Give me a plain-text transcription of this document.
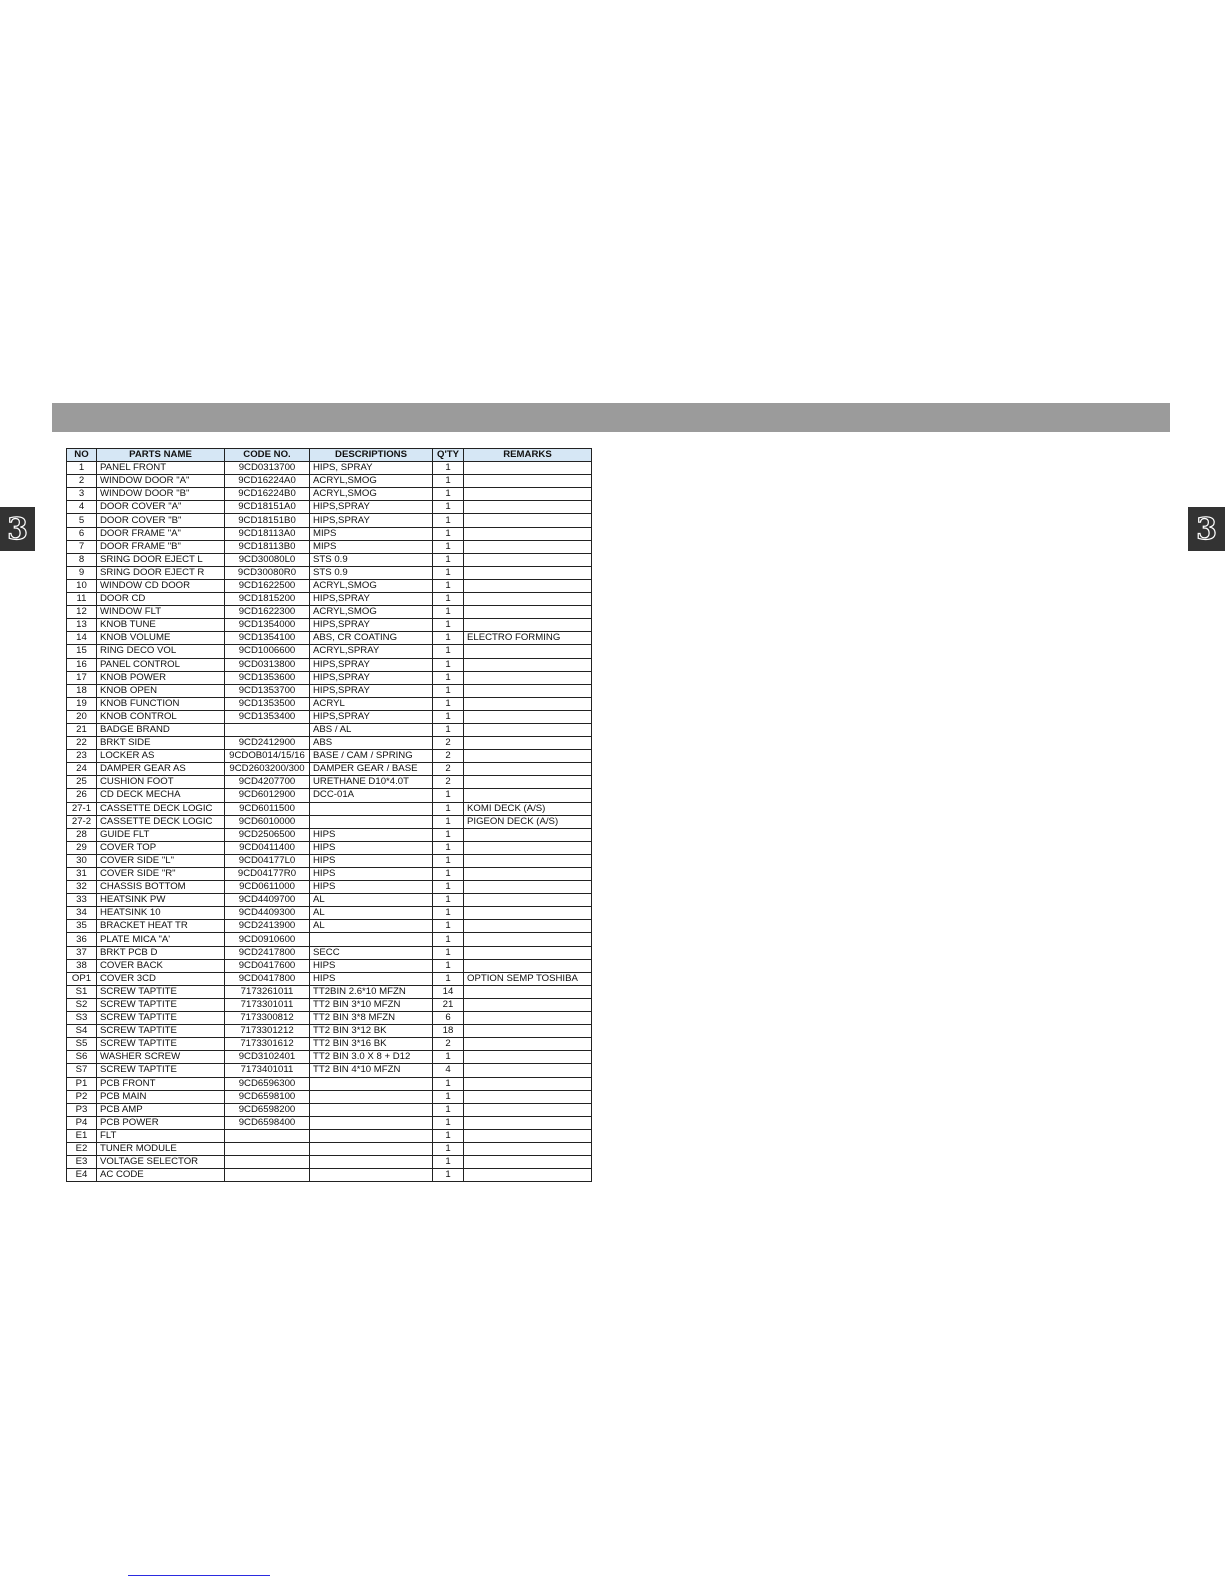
3	3
NO	PARTS NAME	CODE NO.	DESCRIPTIONS	Q'TY	REMARKS
1	PANEL FRONT	9CD0313700	HIPS, SPRAY	1	
2	WINDOW DOOR "A"	9CD16224A0	ACRYL,SMOG	1	
3	WINDOW DOOR "B"	9CD16224B0	ACRYL,SMOG	1	
4	DOOR COVER "A"	9CD18151A0	HIPS,SPRAY	1	
5	DOOR COVER "B"	9CD18151B0	HIPS,SPRAY	1	
6	DOOR FRAME "A"	9CD18113A0	MIPS	1	
7	DOOR FRAME "B"	9CD18113B0	MIPS	1	
8	SRING DOOR EJECT L	9CD30080L0	STS 0.9	1	
9	SRING DOOR EJECT R	9CD30080R0	STS 0.9	1	
10	WINDOW CD DOOR	9CD1622500	ACRYL,SMOG	1	
11	DOOR CD	9CD1815200	HIPS,SPRAY	1	
12	WINDOW FLT	9CD1622300	ACRYL,SMOG	1	
13	KNOB TUNE	9CD1354000	HIPS,SPRAY	1	
14	KNOB VOLUME	9CD1354100	ABS, CR COATING	1	ELECTRO FORMING
15	RING DECO VOL	9CD1006600	ACRYL,SPRAY	1	
16	PANEL CONTROL	9CD0313800	HIPS,SPRAY	1	
17	KNOB POWER	9CD1353600	HIPS,SPRAY	1	
18	KNOB OPEN	9CD1353700	HIPS,SPRAY	1	
19	KNOB FUNCTION	9CD1353500	ACRYL	1	
20	KNOB CONTROL	9CD1353400	HIPS,SPRAY	1	
21	BADGE BRAND		ABS / AL	1	
22	BRKT SIDE	9CD2412900	ABS	2	
23	LOCKER AS	9CDOB014/15/16	BASE / CAM / SPRING	2	
24	DAMPER GEAR AS	9CD2603200/300	DAMPER GEAR / BASE	2	
25	CUSHION FOOT	9CD4207700	URETHANE D10*4.0T	2	
26	CD DECK MECHA	9CD6012900	DCC-01A	1	
27-1	CASSETTE DECK LOGIC	9CD6011500		1	KOMI DECK (A/S)
27-2	CASSETTE DECK LOGIC	9CD6010000		1	PIGEON DECK (A/S)
28	GUIDE FLT	9CD2506500	HIPS	1	
29	COVER TOP	9CD0411400	HIPS	1	
30	COVER SIDE "L"	9CD04177L0	HIPS	1	
31	COVER SIDE "R"	9CD04177R0	HIPS	1	
32	CHASSIS BOTTOM	9CD0611000	HIPS	1	
33	HEATSINK PW	9CD4409700	AL	1	
34	HEATSINK 10	9CD4409300	AL	1	
35	BRACKET HEAT TR	9CD2413900	AL	1	
36	PLATE MICA "A'	9CD0910600		1	
37	BRKT PCB D	9CD2417800	SECC	1	
38	COVER BACK	9CD0417600	HIPS	1	
OP1	COVER 3CD	9CD0417800	HIPS	1	OPTION SEMP TOSHIBA
S1	SCREW TAPTITE	7173261011	TT2BIN 2.6*10 MFZN	14	
S2	SCREW TAPTITE	7173301011	TT2 BIN 3*10 MFZN	21	
S3	SCREW TAPTITE	7173300812	TT2 BIN 3*8 MFZN	6	
S4	SCREW TAPTITE	7173301212	TT2 BIN 3*12 BK	18	
S5	SCREW TAPTITE	7173301612	TT2 BIN 3*16 BK	2	
S6	WASHER SCREW	9CD3102401	TT2 BIN 3.0 X 8 + D12	1	
S7	SCREW TAPTITE	7173401011	TT2 BIN 4*10 MFZN	4	
P1	PCB FRONT	9CD6596300		1	
P2	PCB MAIN	9CD6598100		1	
P3	PCB AMP	9CD6598200		1	
P4	PCB POWER	9CD6598400		1	
E1	FLT			1	
E2	TUNER MODULE			1	
E3	VOLTAGE SELECTOR			1	
E4	AC CODE			1	
